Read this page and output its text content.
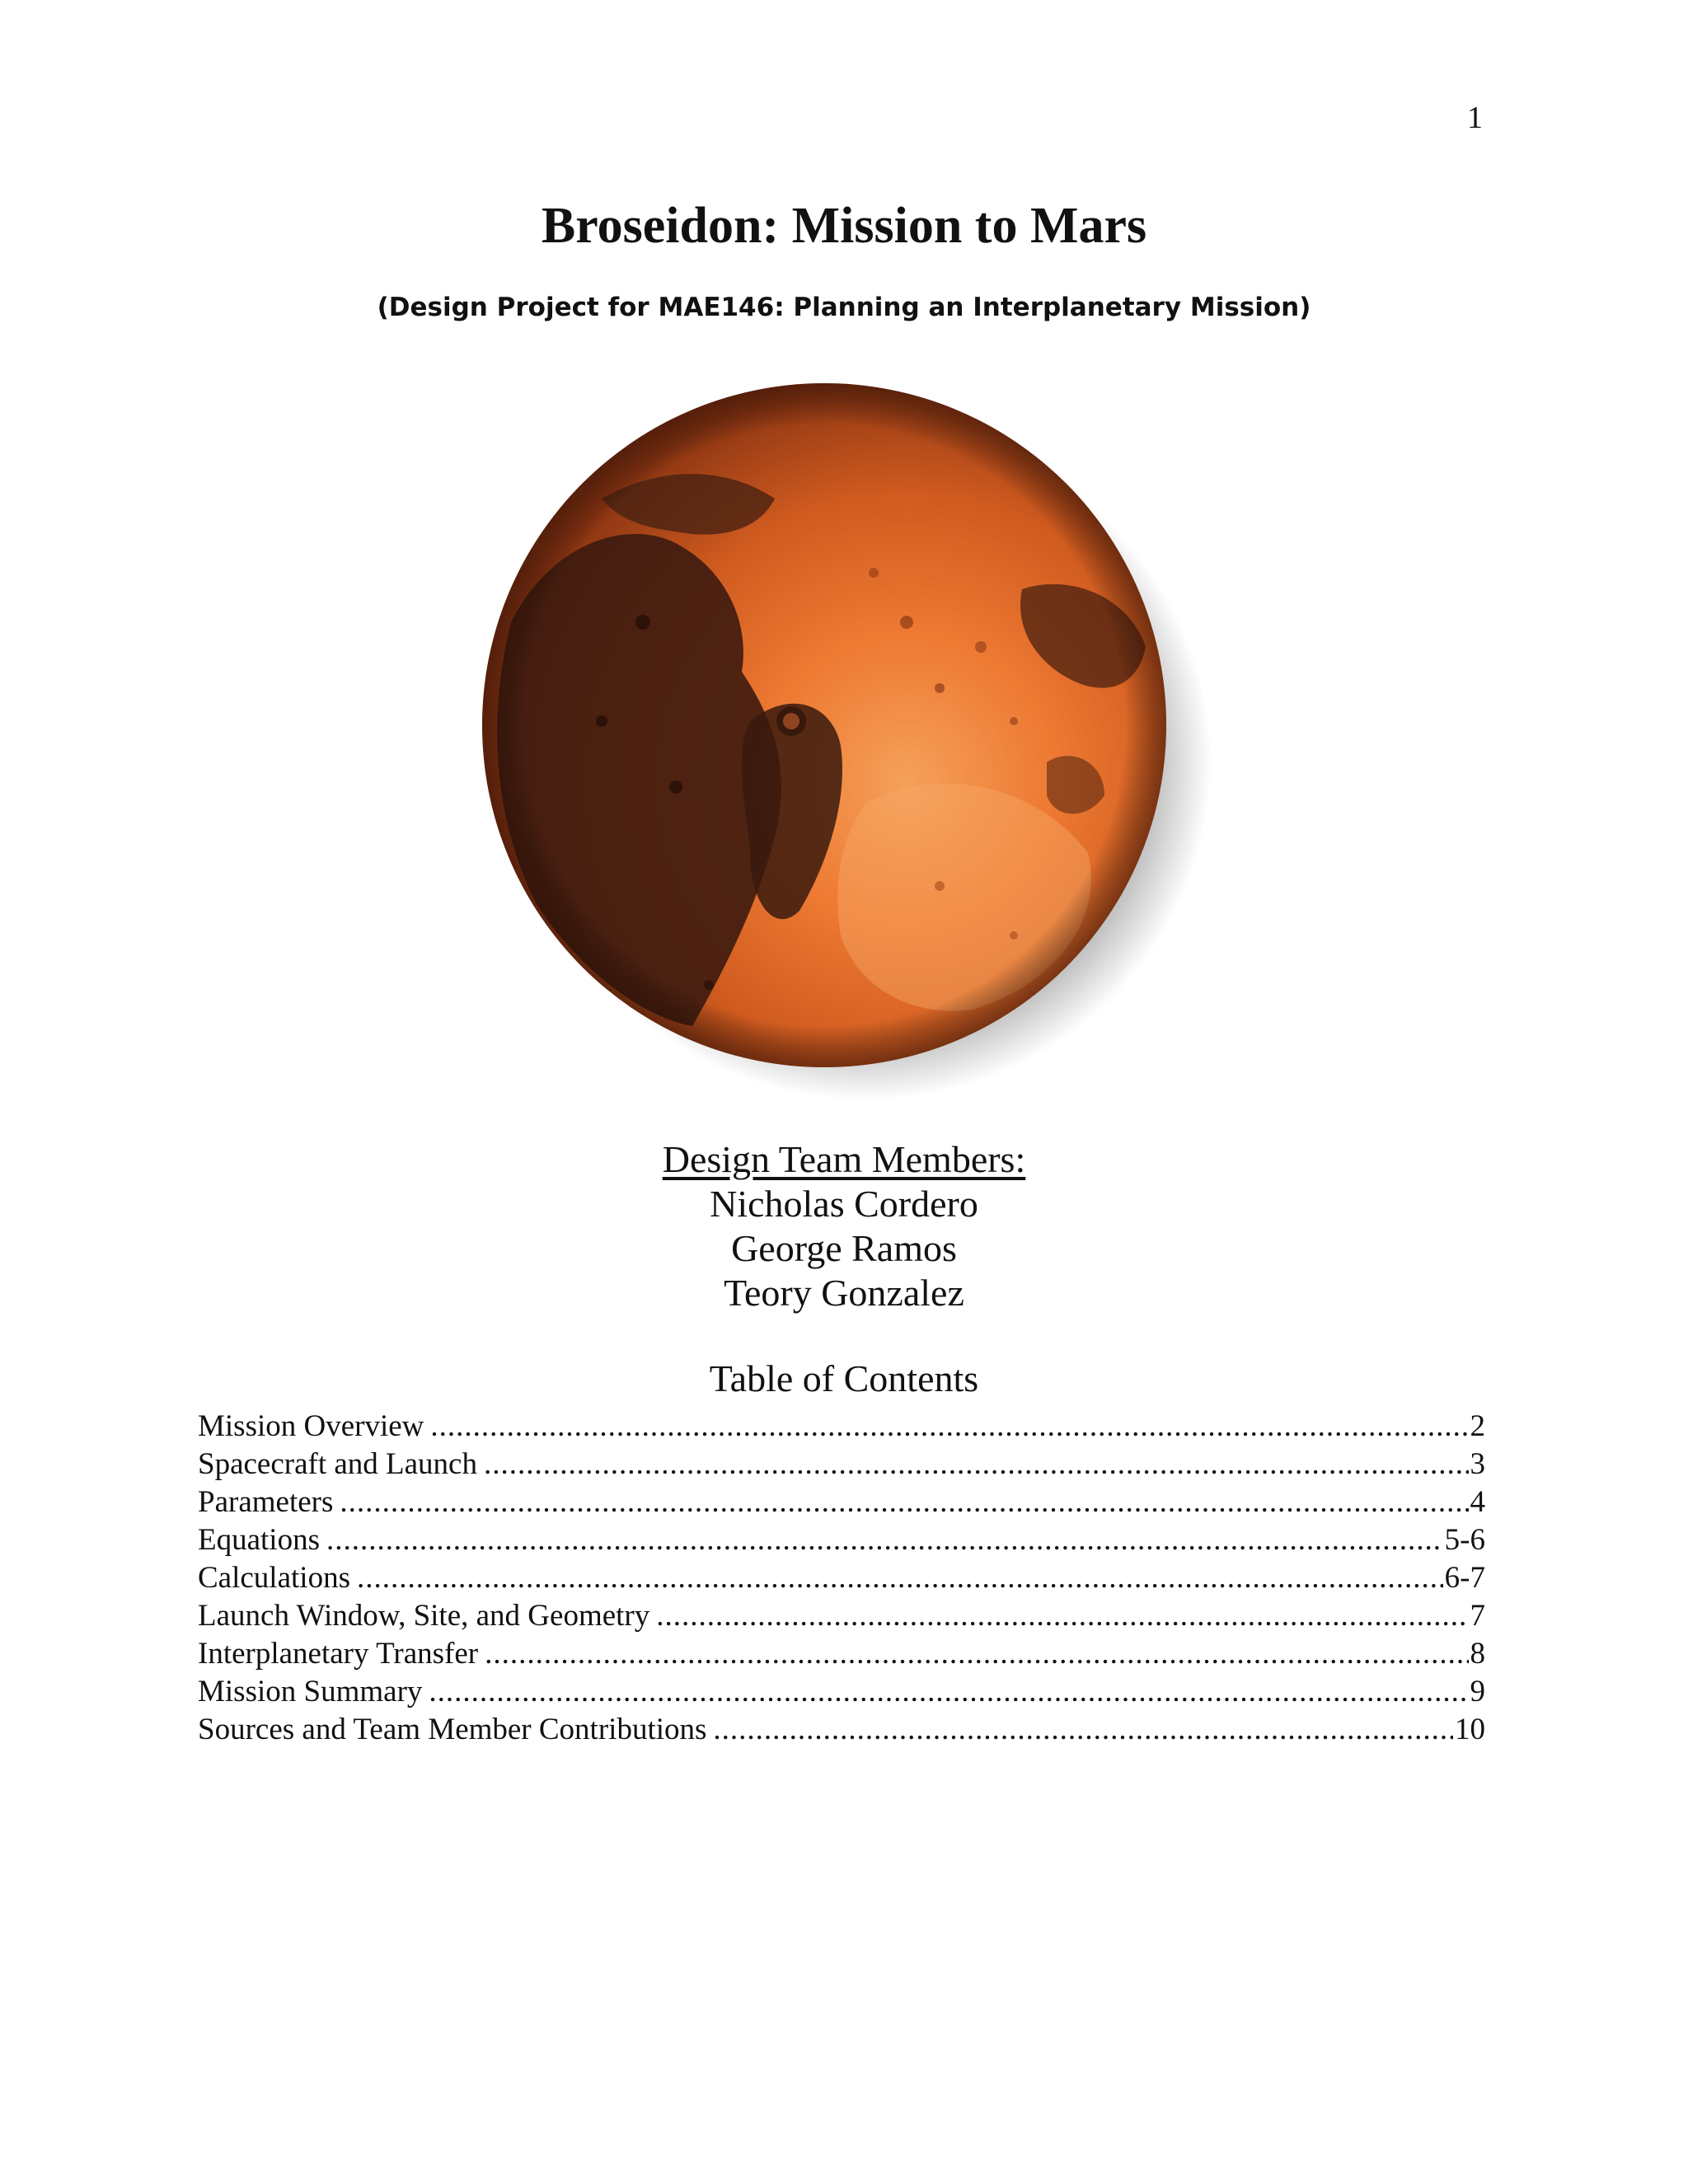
1
Broseidon: Mission to Mars
(Design Project for MAE146: Planning an Interplanetary Mission)
Design Team Members:
Nicholas Cordero
George Ramos
Teory Gonzalez
Table of Contents
Mission Overview .....	2
Spacecraft and Launch .....	3
Parameters .....	4
Equations .....	5-6
Calculations .....	6-7
Launch Window, Site, and Geometry .....	7
Interplanetary Transfer .....	8
Mission Summary .....	9
Sources and Team Member Contributions .....	10
